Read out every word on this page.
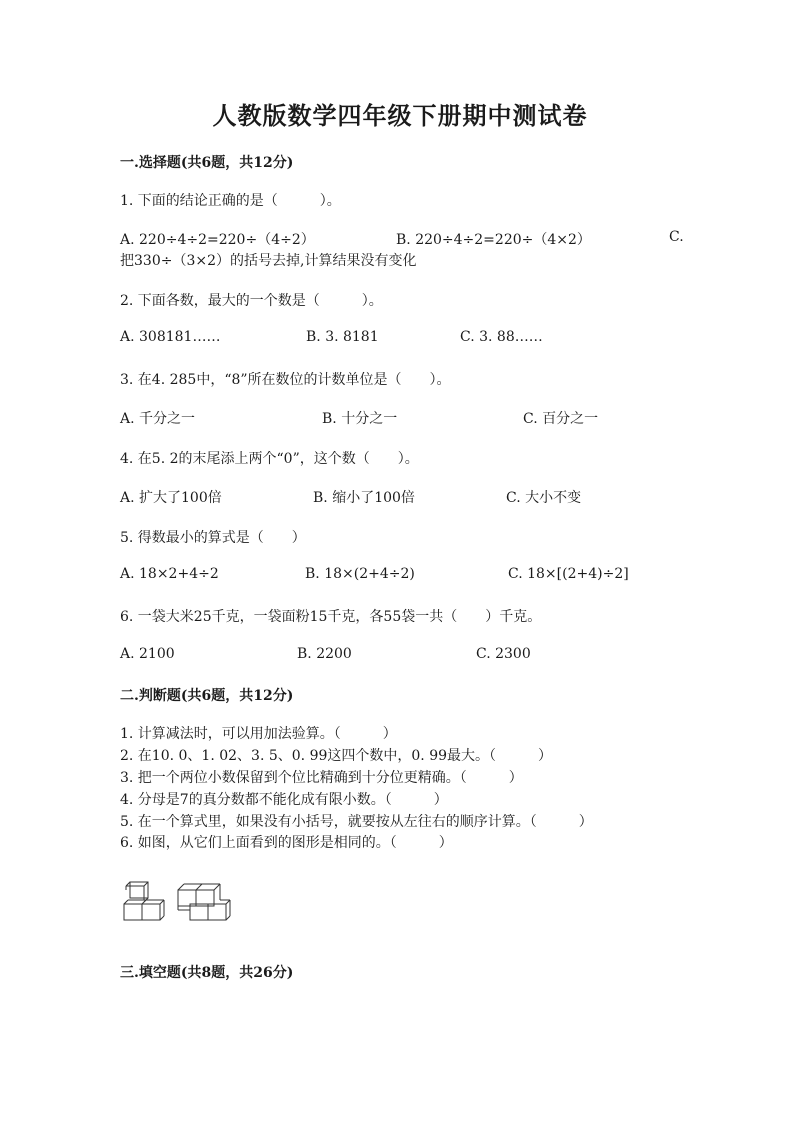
人教版数学四年级下册期中测试卷
一.选择题(共6题，共12分)
1. 下面的结论正确的是（　　　）。
A. 220÷4÷2=220÷（4÷2）	B. 220÷4÷2=220÷（4×2）	C.
把330÷（3×2）的括号去掉,计算结果没有变化
2. 下面各数，最大的一个数是（　　　）。
A. 308181……	B. 3. 8181	C. 3. 88……
3. 在4. 285中，“8”所在数位的计数单位是（　　）。
A. 千分之一	B. 十分之一	C. 百分之一
4. 在5. 2的末尾添上两个“0”，这个数（　　）。
A. 扩大了100倍	B. 缩小了100倍	C. 大小不变
5. 得数最小的算式是（　　）
A. 18×2+4÷2	B. 18×(2+4÷2)	C. 18×[(2+4)÷2]
6. 一袋大米25千克，一袋面粉15千克，各55袋一共（　　）千克。
A. 2100	B. 2200	C. 2300
二.判断题(共6题，共12分)
1. 计算减法时，可以用加法验算。（　　　）
2. 在10. 0、1. 02、3. 5、0. 99这四个数中，0. 99最大。（　　　）
3. 把一个两位小数保留到个位比精确到十分位更精确。（　　　）
4. 分母是7的真分数都不能化成有限小数。（　　　）
5. 在一个算式里，如果没有小括号，就要按从左往右的顺序计算。（　　　）
6. 如图，从它们上面看到的图形是相同的。（　　　）
三.填空题(共8题，共26分)
